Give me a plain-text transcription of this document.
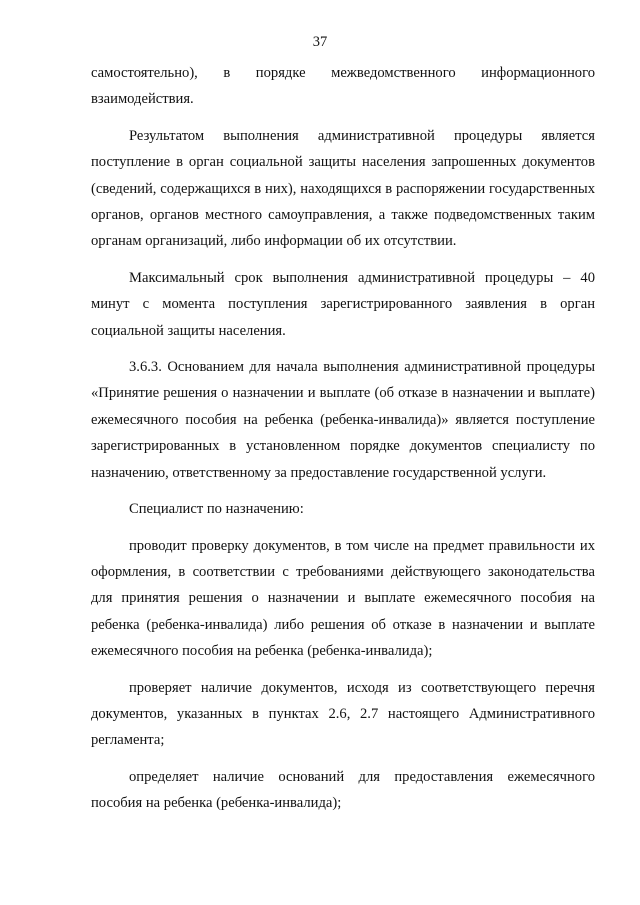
37

самостоятельно), в порядке межведомственного информационного взаимодействия.

Результатом выполнения административной процедуры является поступление в орган социальной защиты населения запрошенных документов (сведений, содержащихся в них), находящихся в распоряжении государственных органов, органов местного самоуправления, а также подведомственных таким органам организаций, либо информации об их отсутствии.

Максимальный срок выполнения административной процедуры – 40 минут с момента поступления зарегистрированного заявления в орган социальной защиты населения.

3.6.3. Основанием для начала выполнения административной процедуры «Принятие решения о назначении и выплате (об отказе в назначении и выплате) ежемесячного пособия на ребенка (ребенка-инвалида)» является поступление зарегистрированных в установленном порядке документов специалисту по назначению, ответственному за предоставление государственной услуги.

Специалист по назначению:

проводит проверку документов, в том числе на предмет правильности их оформления, в соответствии с требованиями действующего законодательства для принятия решения о назначении и выплате ежемесячного пособия на ребенка (ребенка-инвалида) либо решения об отказе в назначении и выплате ежемесячного пособия на ребенка (ребенка-инвалида);

проверяет наличие документов, исходя из соответствующего перечня документов, указанных в пунктах 2.6, 2.7 настоящего Административного регламента;

определяет наличие оснований для предоставления ежемесячного пособия на ребенка (ребенка-инвалида);
